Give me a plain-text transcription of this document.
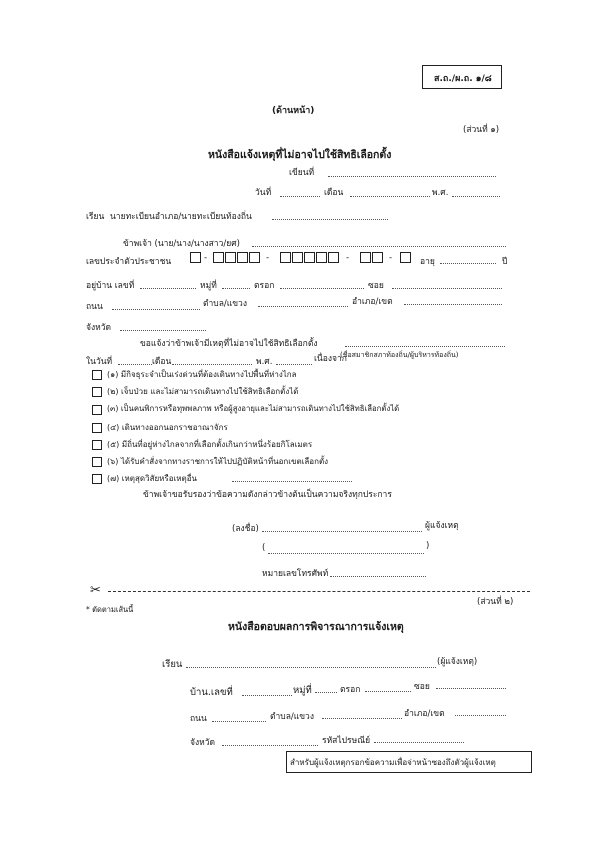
ส.ถ./ผ.ถ. ๑/๘
(ด้านหน้า)
(ส่วนที่ ๑)
หนังสือแจ้งเหตุที่ไม่อาจไปใช้สิทธิเลือกตั้ง
เขียนที่
วันที่	เดือน	พ.ศ.
เรียน นายทะเบียนอำเภอ/นายทะเบียนท้องถิ่น
ข้าพเจ้า (นาย/นาง/นางสาว/ยศ)
เลขประจำตัวประชาชน	-	-	-	-	อายุ	ปี
อยู่บ้าน เลขที่	หมู่ที่	ตรอก	ซอย
ถนน	ตำบล/แขวง	อำเภอ/เขต
จังหวัด
ขอแจ้งว่าข้าพเจ้ามีเหตุที่ไม่อาจไปใช้สิทธิเลือกตั้ง
(ชื่อสมาชิกสภาท้องถิ่น/ผู้บริหารท้องถิ่น)
ในวันที่	เดือน	พ.ศ.	เนื่องจาก
(๑) มีกิจธุระจำเป็นเร่งด่วนที่ต้องเดินทางไปพื้นที่ห่างไกล
(๒) เจ็บป่วย และไม่สามารถเดินทางไปใช้สิทธิเลือกตั้งได้
(๓) เป็นคนพิการหรือทุพพลภาพ หรือผู้สูงอายุและไม่สามารถเดินทางไปใช้สิทธิเลือกตั้งได้
(๔) เดินทางออกนอกราชอาณาจักร
(๕) มีถิ่นที่อยู่ห่างไกลจากที่เลือกตั้งเกินกว่าหนึ่งร้อยกิโลเมตร
(๖) ได้รับคำสั่งจากทางราชการให้ไปปฏิบัติหน้าที่นอกเขตเลือกตั้ง
(๗) เหตุสุดวิสัยหรือเหตุอื่น
ข้าพเจ้าขอรับรองว่าข้อความดังกล่าวข้างต้นเป็นความจริงทุกประการ
(ลงชื่อ)	ผู้แจ้งเหตุ
(	)
หมายเลขโทรศัพท์
✂
* ตัดตามเส้นนี้
(ส่วนที่ ๒)
หนังสือตอบผลการพิจารณาการแจ้งเหตุ
เรียน	(ผู้แจ้งเหตุ)
บ้าน.เลขที่	หมู่ที่	ตรอก	ซอย
ถนน	ตำบล/แขวง	อำเภอ/เขต
จังหวัด	รหัสไปรษณีย์
สำหรับผู้แจ้งเหตุกรอกข้อความเพื่อจ่าหน้าซองถึงตัวผู้แจ้งเหตุ
